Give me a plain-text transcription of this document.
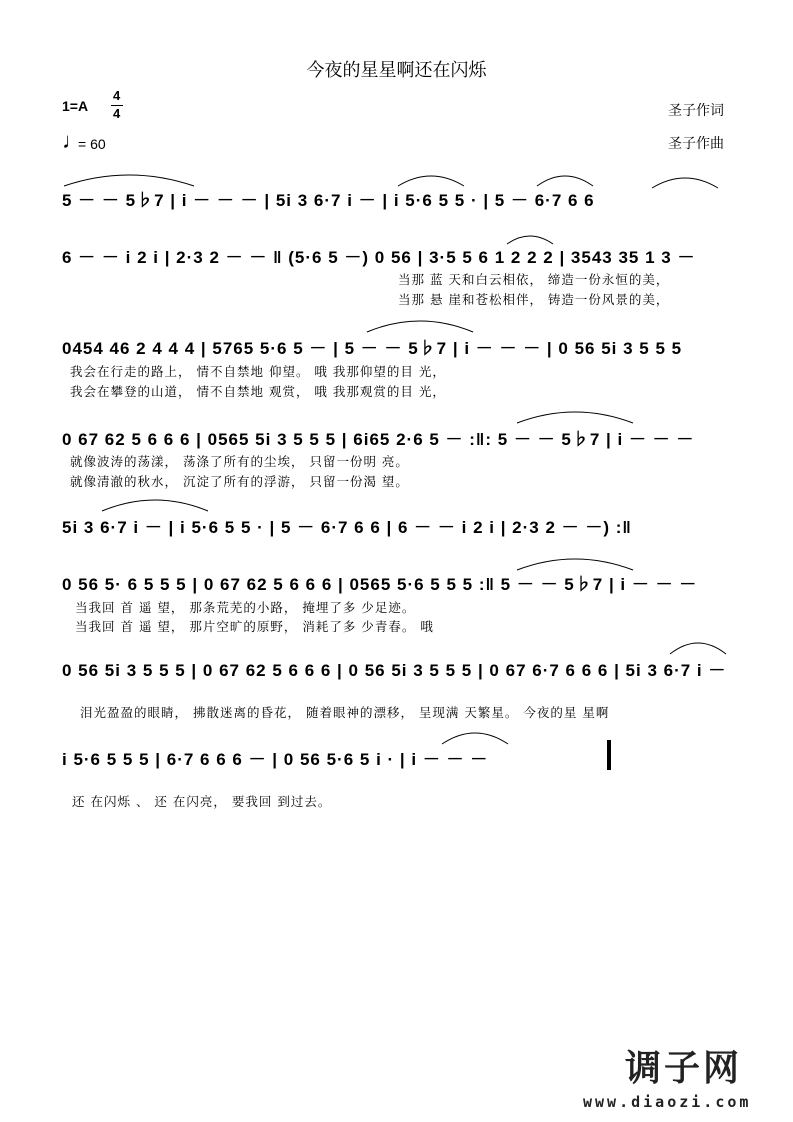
今夜的星星啊还在闪烁
1=A
4
4
♩
= 60
圣子作词
圣子作曲
5 － － 5♭7 | i － － － | 5i 3 6·7 i － | i 5·6 5 5 · | 5 － 6·7 6 6
6 － － i 2 i | 2·3 2 － － ‖ (5·6 5 －) 0 56 | 3·5 5 6 1 2 2 2 | 3543 35 1 3 －
当那 蓝 天和白云相依， 缔造一份永恒的美，
当那 悬 崖和苍松相伴， 铸造一份风景的美，
0454 46 2 4 4 4 | 5765 5·6 5 － | 5 － － 5♭7 | i － － － | 0 56 5i 3 5 5 5
我会在行走的路上， 情不自禁地 仰望。 哦 我那仰望的目 光，
我会在攀登的山道， 情不自禁地 观赏， 哦 我那观赏的目 光，
0 67 62 5 6 6 6 | 0565 5i 3 5 5 5 | 6i65 2·6 5 － :‖: 5 － － 5♭7 | i － － －
就像波涛的荡漾， 荡涤了所有的尘埃， 只留一份明 亮。
就像清澈的秋水， 沉淀了所有的浮游， 只留一份渴 望。
5i 3 6·7 i － | i 5·6 5 5 · | 5 － 6·7 6 6 | 6 － － i 2 i | 2·3 2 － －) :‖
0 56 5· 6 5 5 5 | 0 67 62 5 6 6 6 | 0565 5·6 5 5 5 :‖ 5 － － 5♭7 | i － － －
当我回 首 遥 望， 那条荒芜的小路， 掩埋了多 少足迹。
当我回 首 遥 望， 那片空旷的原野， 消耗了多 少青春。 哦
0 56 5i 3 5 5 5 | 0 67 62 5 6 6 6 | 0 56 5i 3 5 5 5 | 0 67 6·7 6 6 6 | 5i 3 6·7 i －
泪光盈盈的眼睛， 拂散迷离的昏花， 随着眼神的漂移， 呈现满 天繁星。 今夜的星 星啊
i 5·6 5 5 5 | 6·7 6 6 6 － | 0 56 5·6 5 i · | i － － －
还 在闪烁 、 还 在闪亮， 要我回 到过去。
调子网
www.diaozi.com
